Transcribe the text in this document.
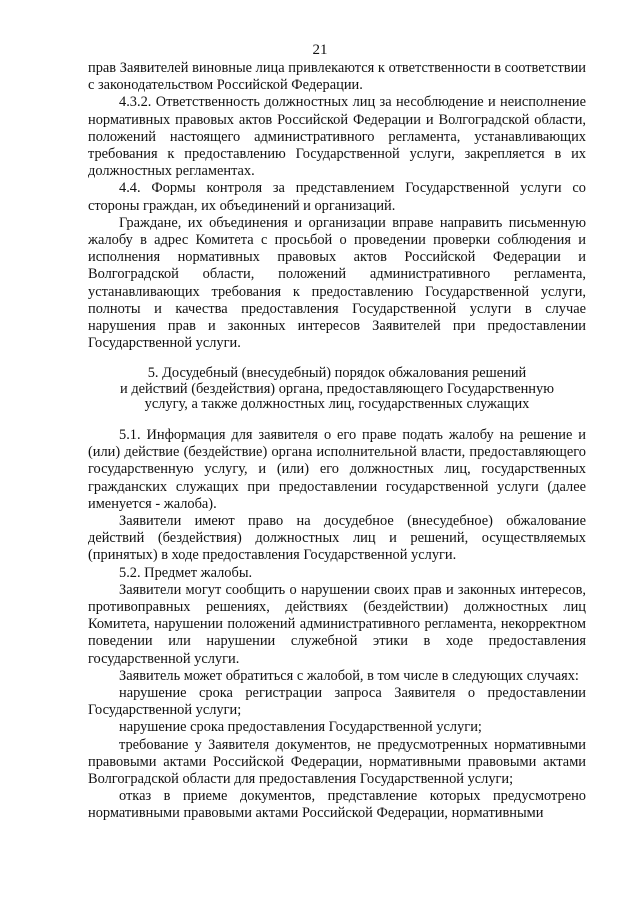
21

прав Заявителей виновные лица привлекаются к ответственности в соответствии с законодательством Российской Федерации.

4.3.2. Ответственность должностных лиц за несоблюдение и неисполнение нормативных правовых актов Российской Федерации и Волгоградской области, положений настоящего административного регламента, устанавливающих требования к предоставлению Государственной услуги, закрепляется в их должностных регламентах.

4.4. Формы контроля за представлением Государственной услуги со стороны граждан, их объединений и организаций.

Граждане, их объединения и организации вправе направить письменную жалобу в адрес Комитета с просьбой о проведении проверки соблюдения и исполнения нормативных правовых актов Российской Федерации и Волгоградской области, положений административного регламента, устанавливающих требования к предоставлению Государственной услуги, полноты и качества предоставления Государственной услуги в случае нарушения прав и законных интересов Заявителей при предоставлении Государственной услуги.

5. Досудебный (внесудебный) порядок обжалования решений
и действий (бездействия) органа, предоставляющего Государственную
услугу, а также должностных лиц, государственных служащих

5.1. Информация для заявителя о его праве подать жалобу на решение и (или) действие (бездействие) органа исполнительной власти, предоставляющего государственную услугу, и (или) его должностных лиц, государственных гражданских служащих при предоставлении государственной услуги (далее именуется - жалоба).

Заявители имеют право на досудебное (внесудебное) обжалование действий (бездействия) должностных лиц и решений, осуществляемых (принятых) в ходе предоставления Государственной услуги.

5.2. Предмет жалобы.

Заявители могут сообщить о нарушении своих прав и законных интересов, противоправных решениях, действиях (бездействии) должностных лиц Комитета, нарушении положений административного регламента, некорректном поведении или нарушении служебной этики в ходе предоставления государственной услуги.

Заявитель может обратиться с жалобой, в том числе в следующих случаях:

нарушение срока регистрации запроса Заявителя о предоставлении Государственной услуги;

нарушение срока предоставления Государственной услуги;

требование у Заявителя документов, не предусмотренных нормативными правовыми актами Российской Федерации, нормативными правовыми актами Волгоградской области для предоставления Государственной услуги;

отказ в приеме документов, представление которых предусмотрено нормативными правовыми актами Российской Федерации, нормативными
